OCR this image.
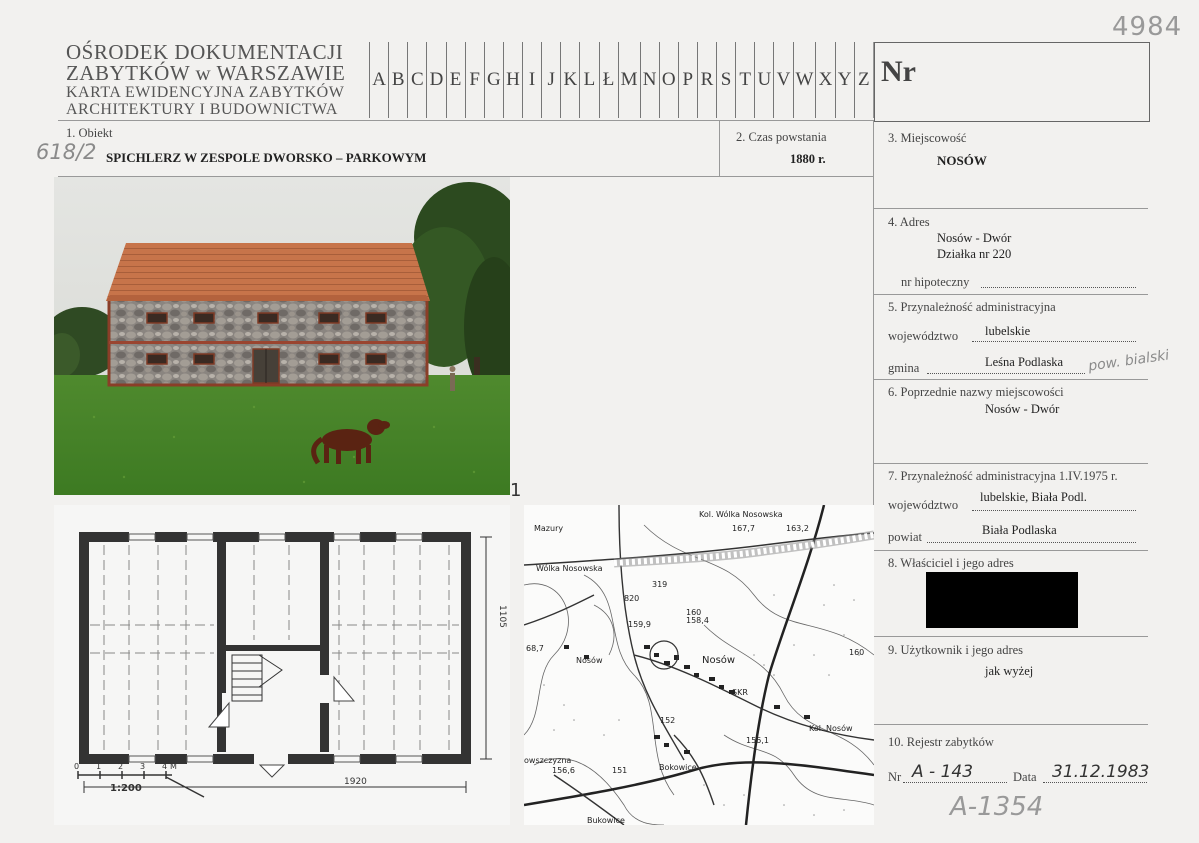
4984
OŚRODEK DOKUMENTACJI
ZABYTKÓW w WARSZAWIE
KARTA EWIDENCYJNA ZABYTKÓW
ARCHITEKTURY I BUDOWNICTWA
A B C D E F G H I J K L Ł M N O P R S T U V W X Y Z Nr
1. Obiekt
618/2 SPICHLERZ W ZESPOLE DWORSKO – PARKOWYM
2. Czas powstania
1880 r.
3. Miejscowość
NOSÓW
4. Adres
Nosów - Dwór
Działka nr 220
nr hipoteczny
5. Przynależność administracyjna
województwo lubelskie
gmina	Leśna Podlaska pow. bialski
6. Poprzednie nazwy miejscowości
Nosów - Dwór
7. Przynależność administracyjna 1.IV.1975 r.
województwo
lubelskie, Biała Podl.
powiat	Biała Podlaska
8. Właściciel i jego adres
9. Użytkownik i jego adres
jak wyżej
10. Rejestr zabytków
Nr A - 143	Data 31.12.1983
A-1354
1
1105
1920
0 1 2 3 4 M
1:200
Kol. Wólka Nosowska
167,7	163,2
Mazury
Wólka Nosowska
319
820
159,9
160
158,4
68,7
Nosów	Nosów
SKR
160
152
156,1
Kol. Nosów
151	Bokowice
owszczyzna
156,6
Bukowice
